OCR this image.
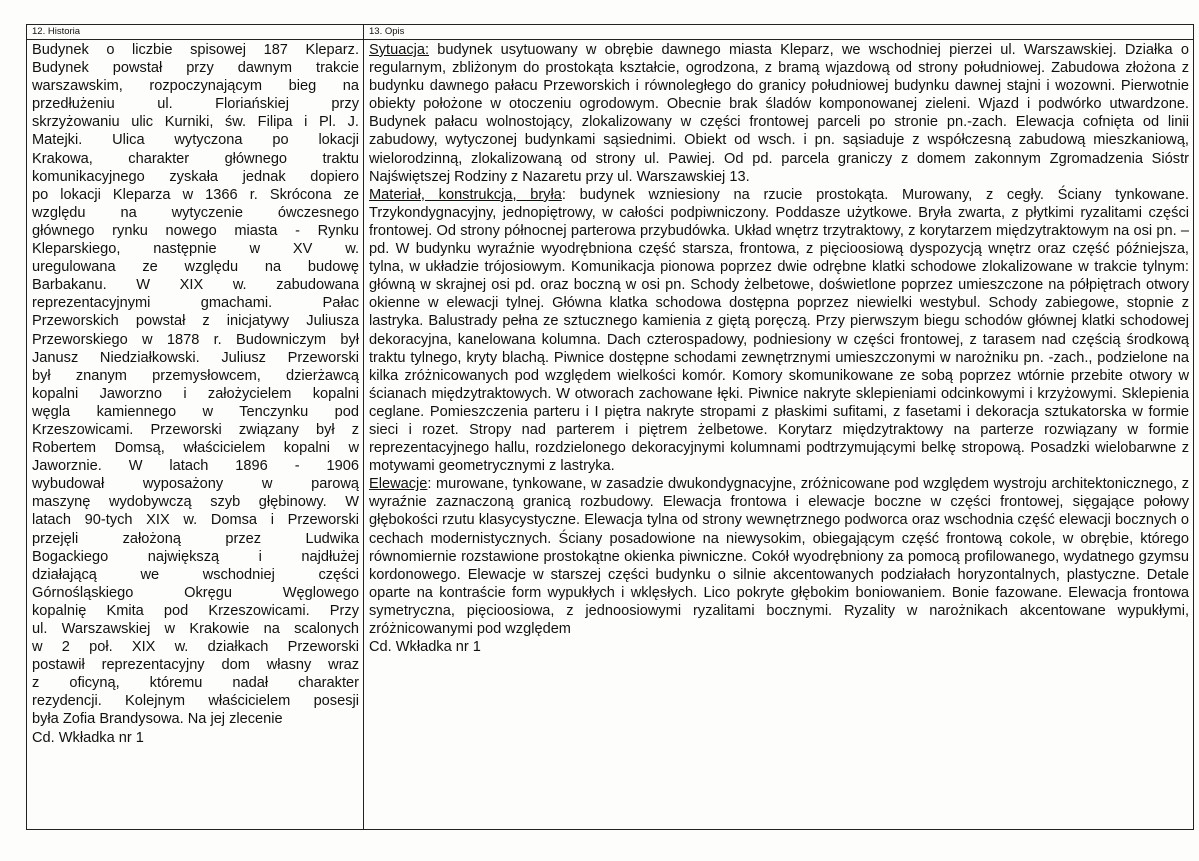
12. Historia
Budynek o liczbie spisowej 187 Kleparz.
Budynek powstał przy dawnym trakcie
warszawskim, rozpoczynającym bieg na
przedłużeniu ul. Floriańskiej przy
skrzyżowaniu ulic Kurniki, św. Filipa i Pl. J.
Matejki. Ulica wytyczona po lokacji
Krakowa, charakter głównego traktu
komunikacyjnego zyskała jednak dopiero
po lokacji Kleparza w 1366 r. Skrócona ze
względu na wytyczenie ówczesnego
głównego rynku nowego miasta - Rynku
Kleparskiego, następnie w XV w.
uregulowana ze względu na budowę
Barbakanu. W XIX w. zabudowana
reprezentacyjnymi gmachami. Pałac
Przeworskich powstał z inicjatywy Juliusza
Przeworskiego w 1878 r. Budowniczym był
Janusz Niedziałkowski. Juliusz Przeworski
był znanym przemysłowcem, dzierżawcą
kopalni Jaworzno i założycielem kopalni
węgla kamiennego w Tenczynku pod
Krzeszowicami. Przeworski związany był z
Robertem Domsą, właścicielem kopalni w
Jaworznie. W latach 1896 - 1906
wybudował wyposażony w parową
maszynę wydobywczą szyb głębinowy. W
latach 90-tych XIX w. Domsa i Przeworski
przejęli założoną przez Ludwika
Bogackiego największą i najdłużej
działającą we wschodniej części
Górnośląskiego Okręgu Węglowego
kopalnię Kmita pod Krzeszowicami. Przy
ul. Warszawskiej w Krakowie na scalonych
w 2 poł. XIX w. działkach Przeworski
postawił reprezentacyjny dom własny wraz
z oficyną, któremu nadał charakter
rezydencji. Kolejnym właścicielem posesji
była Zofia Brandysowa. Na jej zlecenie
Cd. Wkładka nr 1
13. Opis
Sytuacja: budynek usytuowany w obrębie dawnego miasta Kleparz, we wschodniej pierzei ul. Warszawskiej. Działka o regularnym, zbliżonym do prostokąta kształcie, ogrodzona, z bramą wjazdową od strony południowej. Zabudowa złożona z budynku dawnego pałacu Przeworskich i równoległego do granicy południowej budynku dawnej stajni i wozowni. Pierwotnie obiekty położone w otoczeniu ogrodowym. Obecnie brak śladów komponowanej zieleni. Wjazd i podwórko utwardzone. Budynek pałacu wolnostojący, zlokalizowany w części frontowej parceli po stronie pn.-zach. Elewacja cofnięta od linii zabudowy, wytyczonej budynkami sąsiednimi. Obiekt od wsch. i pn. sąsiaduje z współczesną zabudową mieszkaniową, wielorodzinną, zlokalizowaną od strony ul. Pawiej. Od pd. parcela graniczy z domem zakonnym Zgromadzenia Sióstr Najświętszej Rodziny z Nazaretu przy ul. Warszawskiej 13.
Materiał, konstrukcja, bryła: budynek wzniesiony na rzucie prostokąta. Murowany, z cegły. Ściany tynkowane. Trzykondygnacyjny, jednopiętrowy, w całości podpiwniczony. Poddasze użytkowe. Bryła zwarta, z płytkimi ryzalitami części frontowej. Od strony północnej parterowa przybudówka. Układ wnętrz trzytraktowy, z korytarzem międzytraktowym na osi pn. –pd. W budynku wyraźnie wyodrębniona część starsza, frontowa, z pięcioosiową dyspozycją wnętrz oraz część późniejsza, tylna, w układzie trójosiowym. Komunikacja pionowa poprzez dwie odrębne klatki schodowe zlokalizowane w trakcie tylnym: główną w skrajnej osi pd. oraz boczną w osi pn. Schody żelbetowe, doświetlone poprzez umieszczone na półpiętrach otwory okienne w elewacji tylnej. Główna klatka schodowa dostępna poprzez niewielki westybul. Schody zabiegowe, stopnie z lastryka. Balustrady pełna ze sztucznego kamienia z giętą poręczą. Przy pierwszym biegu schodów głównej klatki schodowej dekoracyjna, kanelowana kolumna. Dach czterospadowy, podniesiony w części frontowej, z tarasem nad częścią środkową traktu tylnego, kryty blachą. Piwnice dostępne schodami zewnętrznymi umieszczonymi w narożniku pn. -zach., podzielone na kilka zróżnicowanych pod względem wielkości komór. Komory skomunikowane ze sobą poprzez wtórnie przebite otwory w ścianach międzytraktowych. W otworach zachowane łęki. Piwnice nakryte sklepieniami odcinkowymi i krzyżowymi. Sklepienia ceglane. Pomieszczenia parteru i I piętra nakryte stropami z płaskimi sufitami, z fasetami i dekoracja sztukatorska w formie sieci i rozet. Stropy nad parterem i piętrem żelbetowe. Korytarz międzytraktowy na parterze rozwiązany w formie reprezentacyjnego hallu, rozdzielonego dekoracyjnymi kolumnami podtrzymującymi belkę stropową. Posadzki wielobarwne z motywami geometrycznymi z lastryka.
Elewacje: murowane, tynkowane, w zasadzie dwukondygnacyjne, zróżnicowane pod względem wystroju architektonicznego, z wyraźnie zaznaczoną granicą rozbudowy. Elewacja frontowa i elewacje boczne w części frontowej, sięgające połowy głębokości rzutu klasycystyczne. Elewacja tylna od strony wewnętrznego podworca oraz wschodnia część elewacji bocznych o cechach modernistycznych. Ściany posadowione na niewysokim, obiegającym część frontową cokole, w obrębie, którego równomiernie rozstawione prostokątne okienka piwniczne. Cokół wyodrębniony za pomocą profilowanego, wydatnego gzymsu kordonowego. Elewacje w starszej części budynku o silnie akcentowanych podziałach horyzontalnych, plastyczne. Detale oparte na kontraście form wypukłych i wklęsłych. Lico pokryte głębokim boniowaniem. Bonie fazowane. Elewacja frontowa symetryczna, pięcioosiowa, z jednoosiowymi ryzalitami bocznymi. Ryzality w narożnikach akcentowane wypukłymi, zróżnicowanymi pod względem
Cd. Wkładka nr 1
